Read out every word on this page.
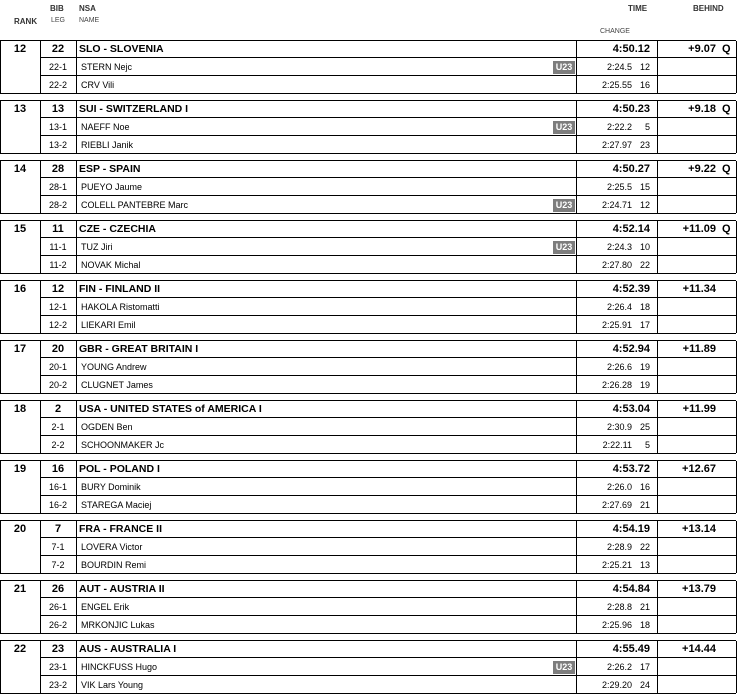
RANK
BIB
LEG
NSA
NAME
TIME
CHANGE
BEHIND
12	22	SLO - SLOVENIA	4:50.12	+9.07 Q
22-1	STERN Nejc	U23	2:24.5 12
22-2	CRV Vili	2:25.55 16
13	13	SUI - SWITZERLAND I	4:50.23	+9.18 Q
13-1	NAEFF Noe	U23	2:22.2	5
13-2	RIEBLI Janik	2:27.97 23
14	28	ESP - SPAIN	4:50.27	+9.22 Q
28-1	PUEYO Jaume	2:25.5 15
28-2	COLELL PANTEBRE Marc	U23	2:24.71 12
15	11	CZE - CZECHIA	4:52.14	+11.09 Q
11-1	TUZ Jiri	U23	2:24.3 10
11-2	NOVAK Michal	2:27.80 22
16	12	FIN - FINLAND II	4:52.39	+11.34
12-1	HAKOLA Ristomatti	2:26.4 18
12-2	LIEKARI Emil	2:25.91 17
17	20	GBR - GREAT BRITAIN I	4:52.94	+11.89
20-1	YOUNG Andrew	2:26.6 19
20-2	CLUGNET James	2:26.28 19
18	2	USA - UNITED STATES of AMERICA I	4:53.04	+11.99
2-1	OGDEN Ben	2:30.9 25
2-2	SCHOONMAKER Jc	2:22.11	5
19	16	POL - POLAND I	4:53.72	+12.67
16-1	BURY Dominik	2:26.0 16
16-2	STAREGA Maciej	2:27.69 21
20	7	FRA - FRANCE II	4:54.19	+13.14
7-1	LOVERA Victor	2:28.9 22
7-2	BOURDIN Remi	2:25.21 13
21	26	AUT - AUSTRIA II	4:54.84	+13.79
26-1	ENGEL Erik	2:28.8 21
26-2	MRKONJIC Lukas	2:25.96 18
22	23	AUS - AUSTRALIA I	4:55.49	+14.44
23-1	HINCKFUSS Hugo	U23	2:26.2 17
23-2	VIK Lars Young	2:29.20 24
